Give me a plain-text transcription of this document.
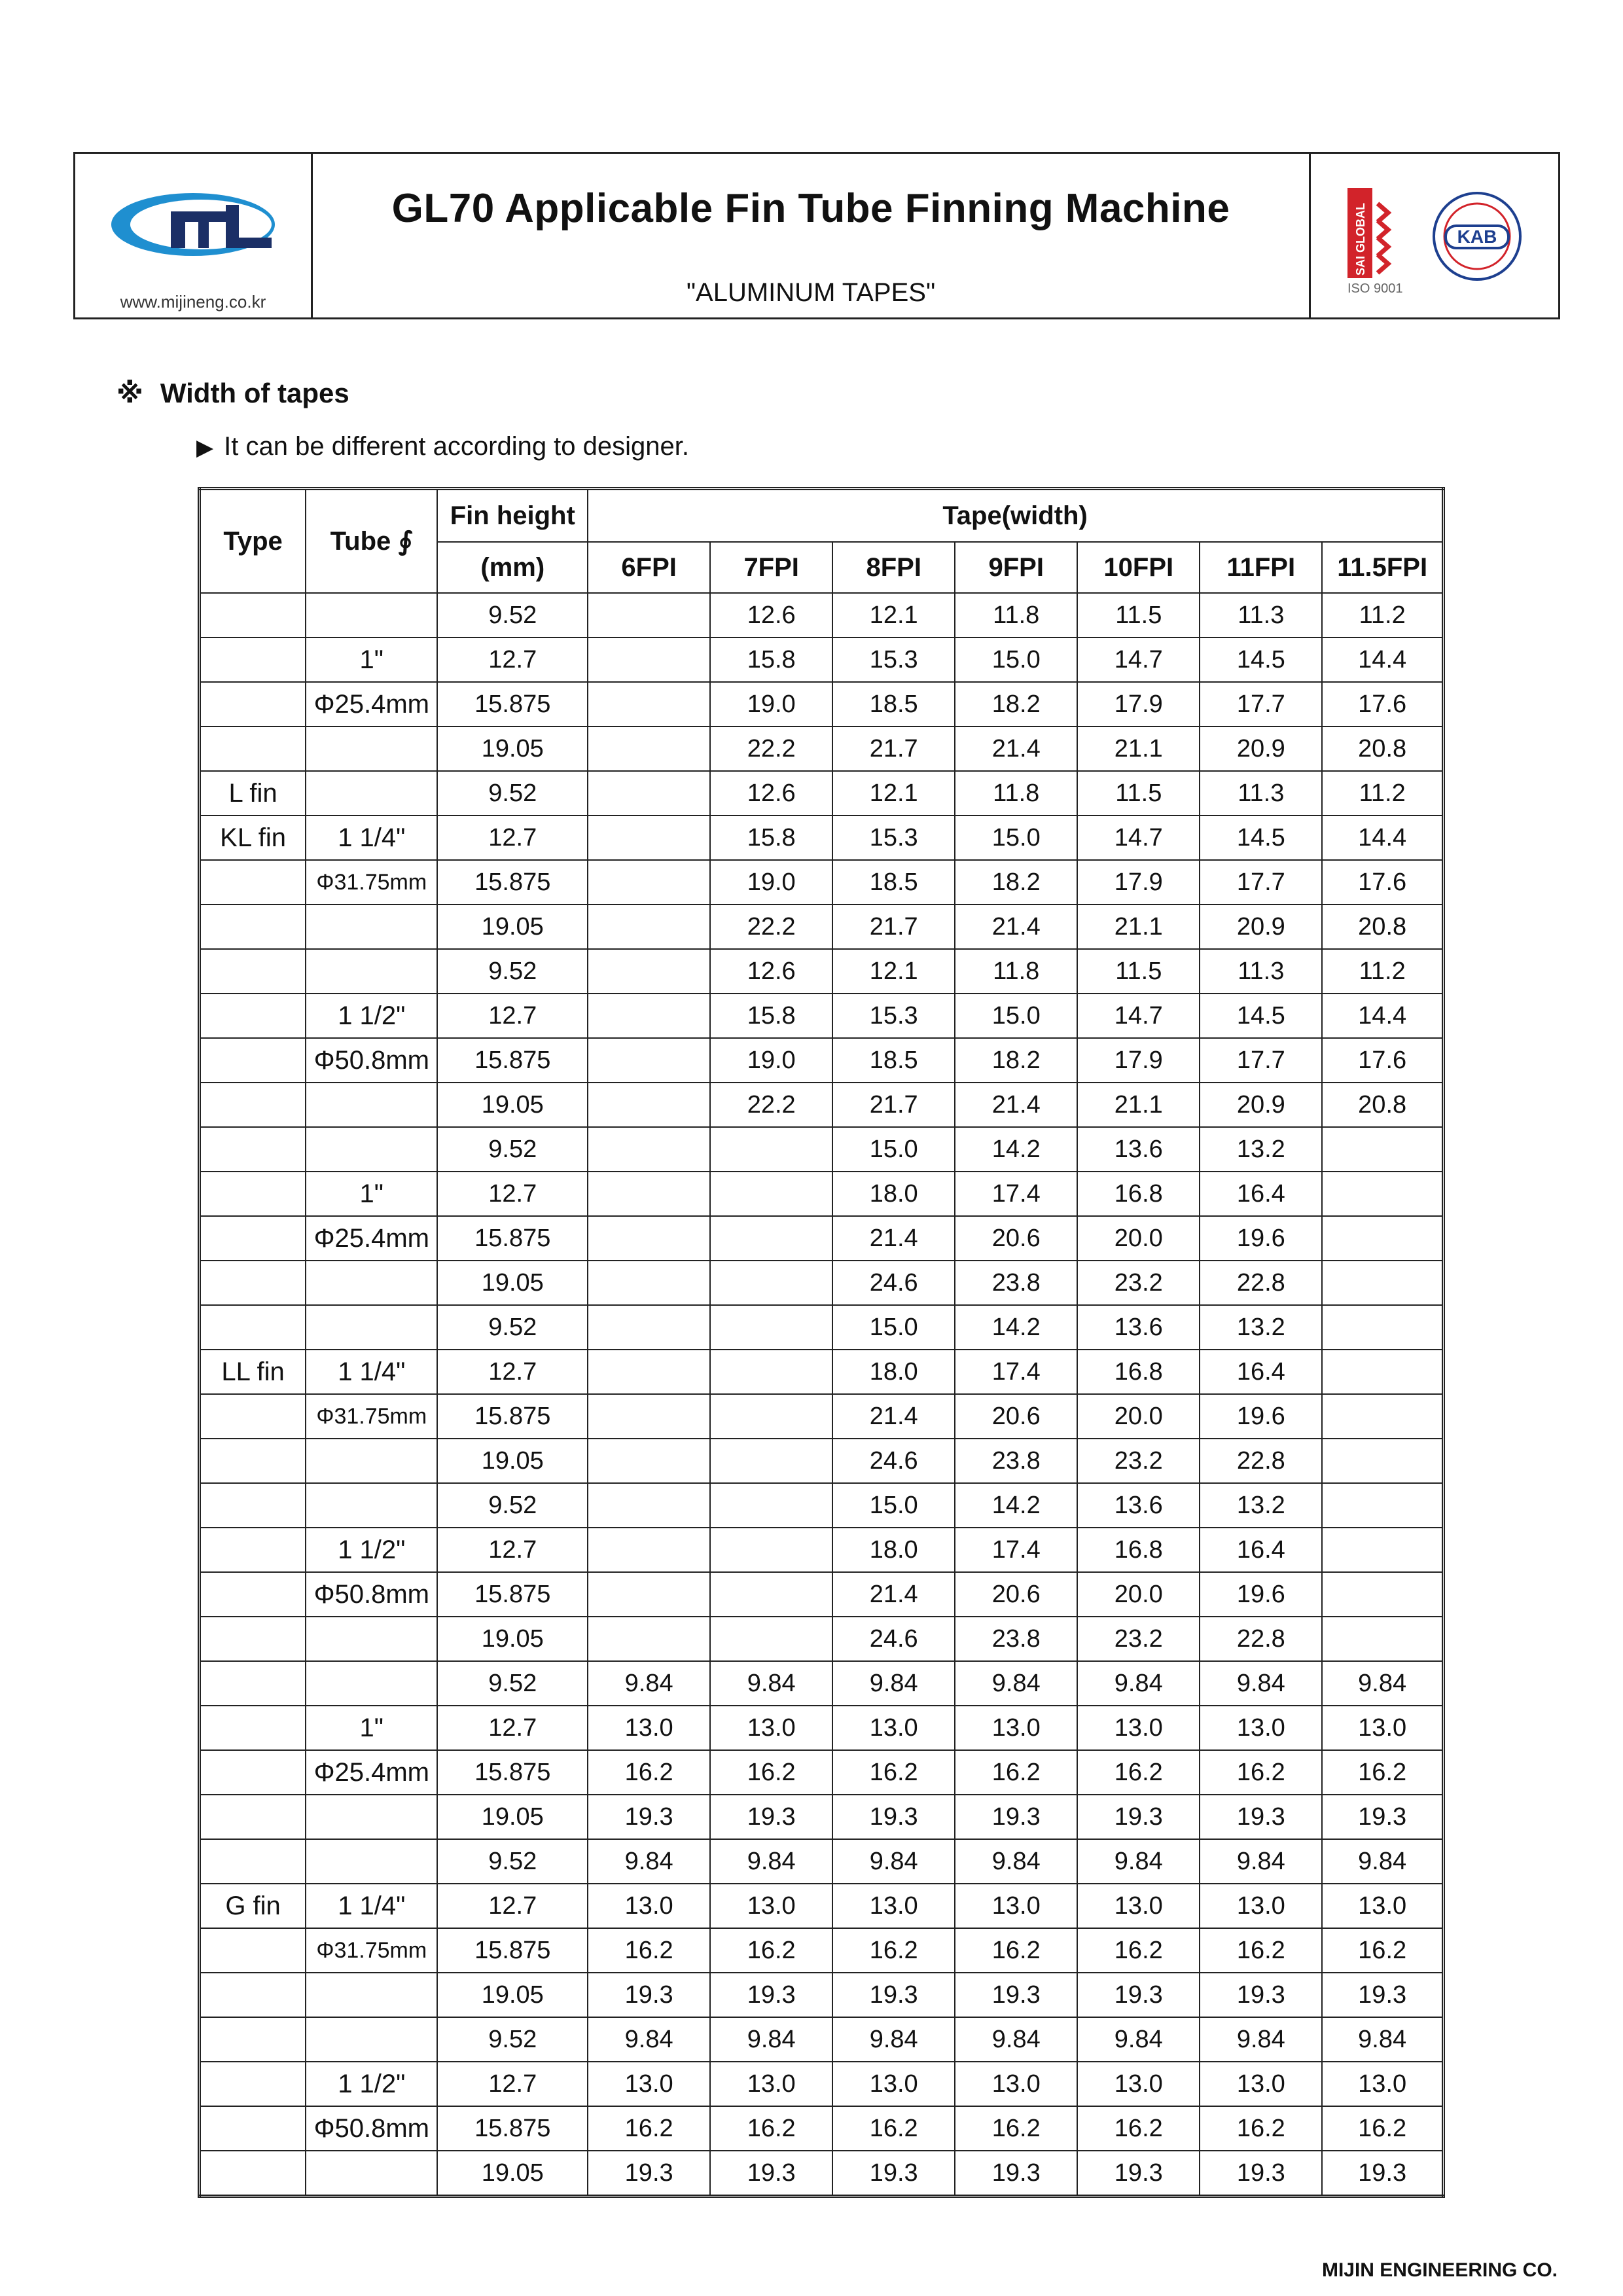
www.mijineng.co.kr
GL70 Applicable Fin Tube Finning Machine
"ALUMINUM TAPES"
SAI GLOBAL
ISO 9001
KAB
※ Width of tapes
▶ It can be different according to designer.
Type	Tube ∮	Fin height	Tape(width)						
		(mm)	6FPI	7FPI	8FPI	9FPI	10FPI	11FPI	11.5FPI
		9.52		12.6	12.1	11.8	11.5	11.3	11.2
	1"	12.7		15.8	15.3	15.0	14.7	14.5	14.4
	Φ25.4mm	15.875		19.0	18.5	18.2	17.9	17.7	17.6
		19.05		22.2	21.7	21.4	21.1	20.9	20.8
L fin		9.52		12.6	12.1	11.8	11.5	11.3	11.2
KL fin	1 1/4"	12.7		15.8	15.3	15.0	14.7	14.5	14.4
	Φ31.75mm	15.875		19.0	18.5	18.2	17.9	17.7	17.6
		19.05		22.2	21.7	21.4	21.1	20.9	20.8
		9.52		12.6	12.1	11.8	11.5	11.3	11.2
	1 1/2"	12.7		15.8	15.3	15.0	14.7	14.5	14.4
	Φ50.8mm	15.875		19.0	18.5	18.2	17.9	17.7	17.6
		19.05		22.2	21.7	21.4	21.1	20.9	20.8
		9.52			15.0	14.2	13.6	13.2	
	1"	12.7			18.0	17.4	16.8	16.4	
	Φ25.4mm	15.875			21.4	20.6	20.0	19.6	
		19.05			24.6	23.8	23.2	22.8	
		9.52			15.0	14.2	13.6	13.2	
LL fin	1 1/4"	12.7			18.0	17.4	16.8	16.4	
	Φ31.75mm	15.875			21.4	20.6	20.0	19.6	
		19.05			24.6	23.8	23.2	22.8	
		9.52			15.0	14.2	13.6	13.2	
	1 1/2"	12.7			18.0	17.4	16.8	16.4	
	Φ50.8mm	15.875			21.4	20.6	20.0	19.6	
		19.05			24.6	23.8	23.2	22.8	
		9.52	9.84	9.84	9.84	9.84	9.84	9.84	9.84
	1"	12.7	13.0	13.0	13.0	13.0	13.0	13.0	13.0
	Φ25.4mm	15.875	16.2	16.2	16.2	16.2	16.2	16.2	16.2
		19.05	19.3	19.3	19.3	19.3	19.3	19.3	19.3
		9.52	9.84	9.84	9.84	9.84	9.84	9.84	9.84
G fin	1 1/4"	12.7	13.0	13.0	13.0	13.0	13.0	13.0	13.0
	Φ31.75mm	15.875	16.2	16.2	16.2	16.2	16.2	16.2	16.2
		19.05	19.3	19.3	19.3	19.3	19.3	19.3	19.3
		9.52	9.84	9.84	9.84	9.84	9.84	9.84	9.84
	1 1/2"	12.7	13.0	13.0	13.0	13.0	13.0	13.0	13.0
	Φ50.8mm	15.875	16.2	16.2	16.2	16.2	16.2	16.2	16.2
		19.05	19.3	19.3	19.3	19.3	19.3	19.3	19.3
MIJIN ENGINEERING CO.
